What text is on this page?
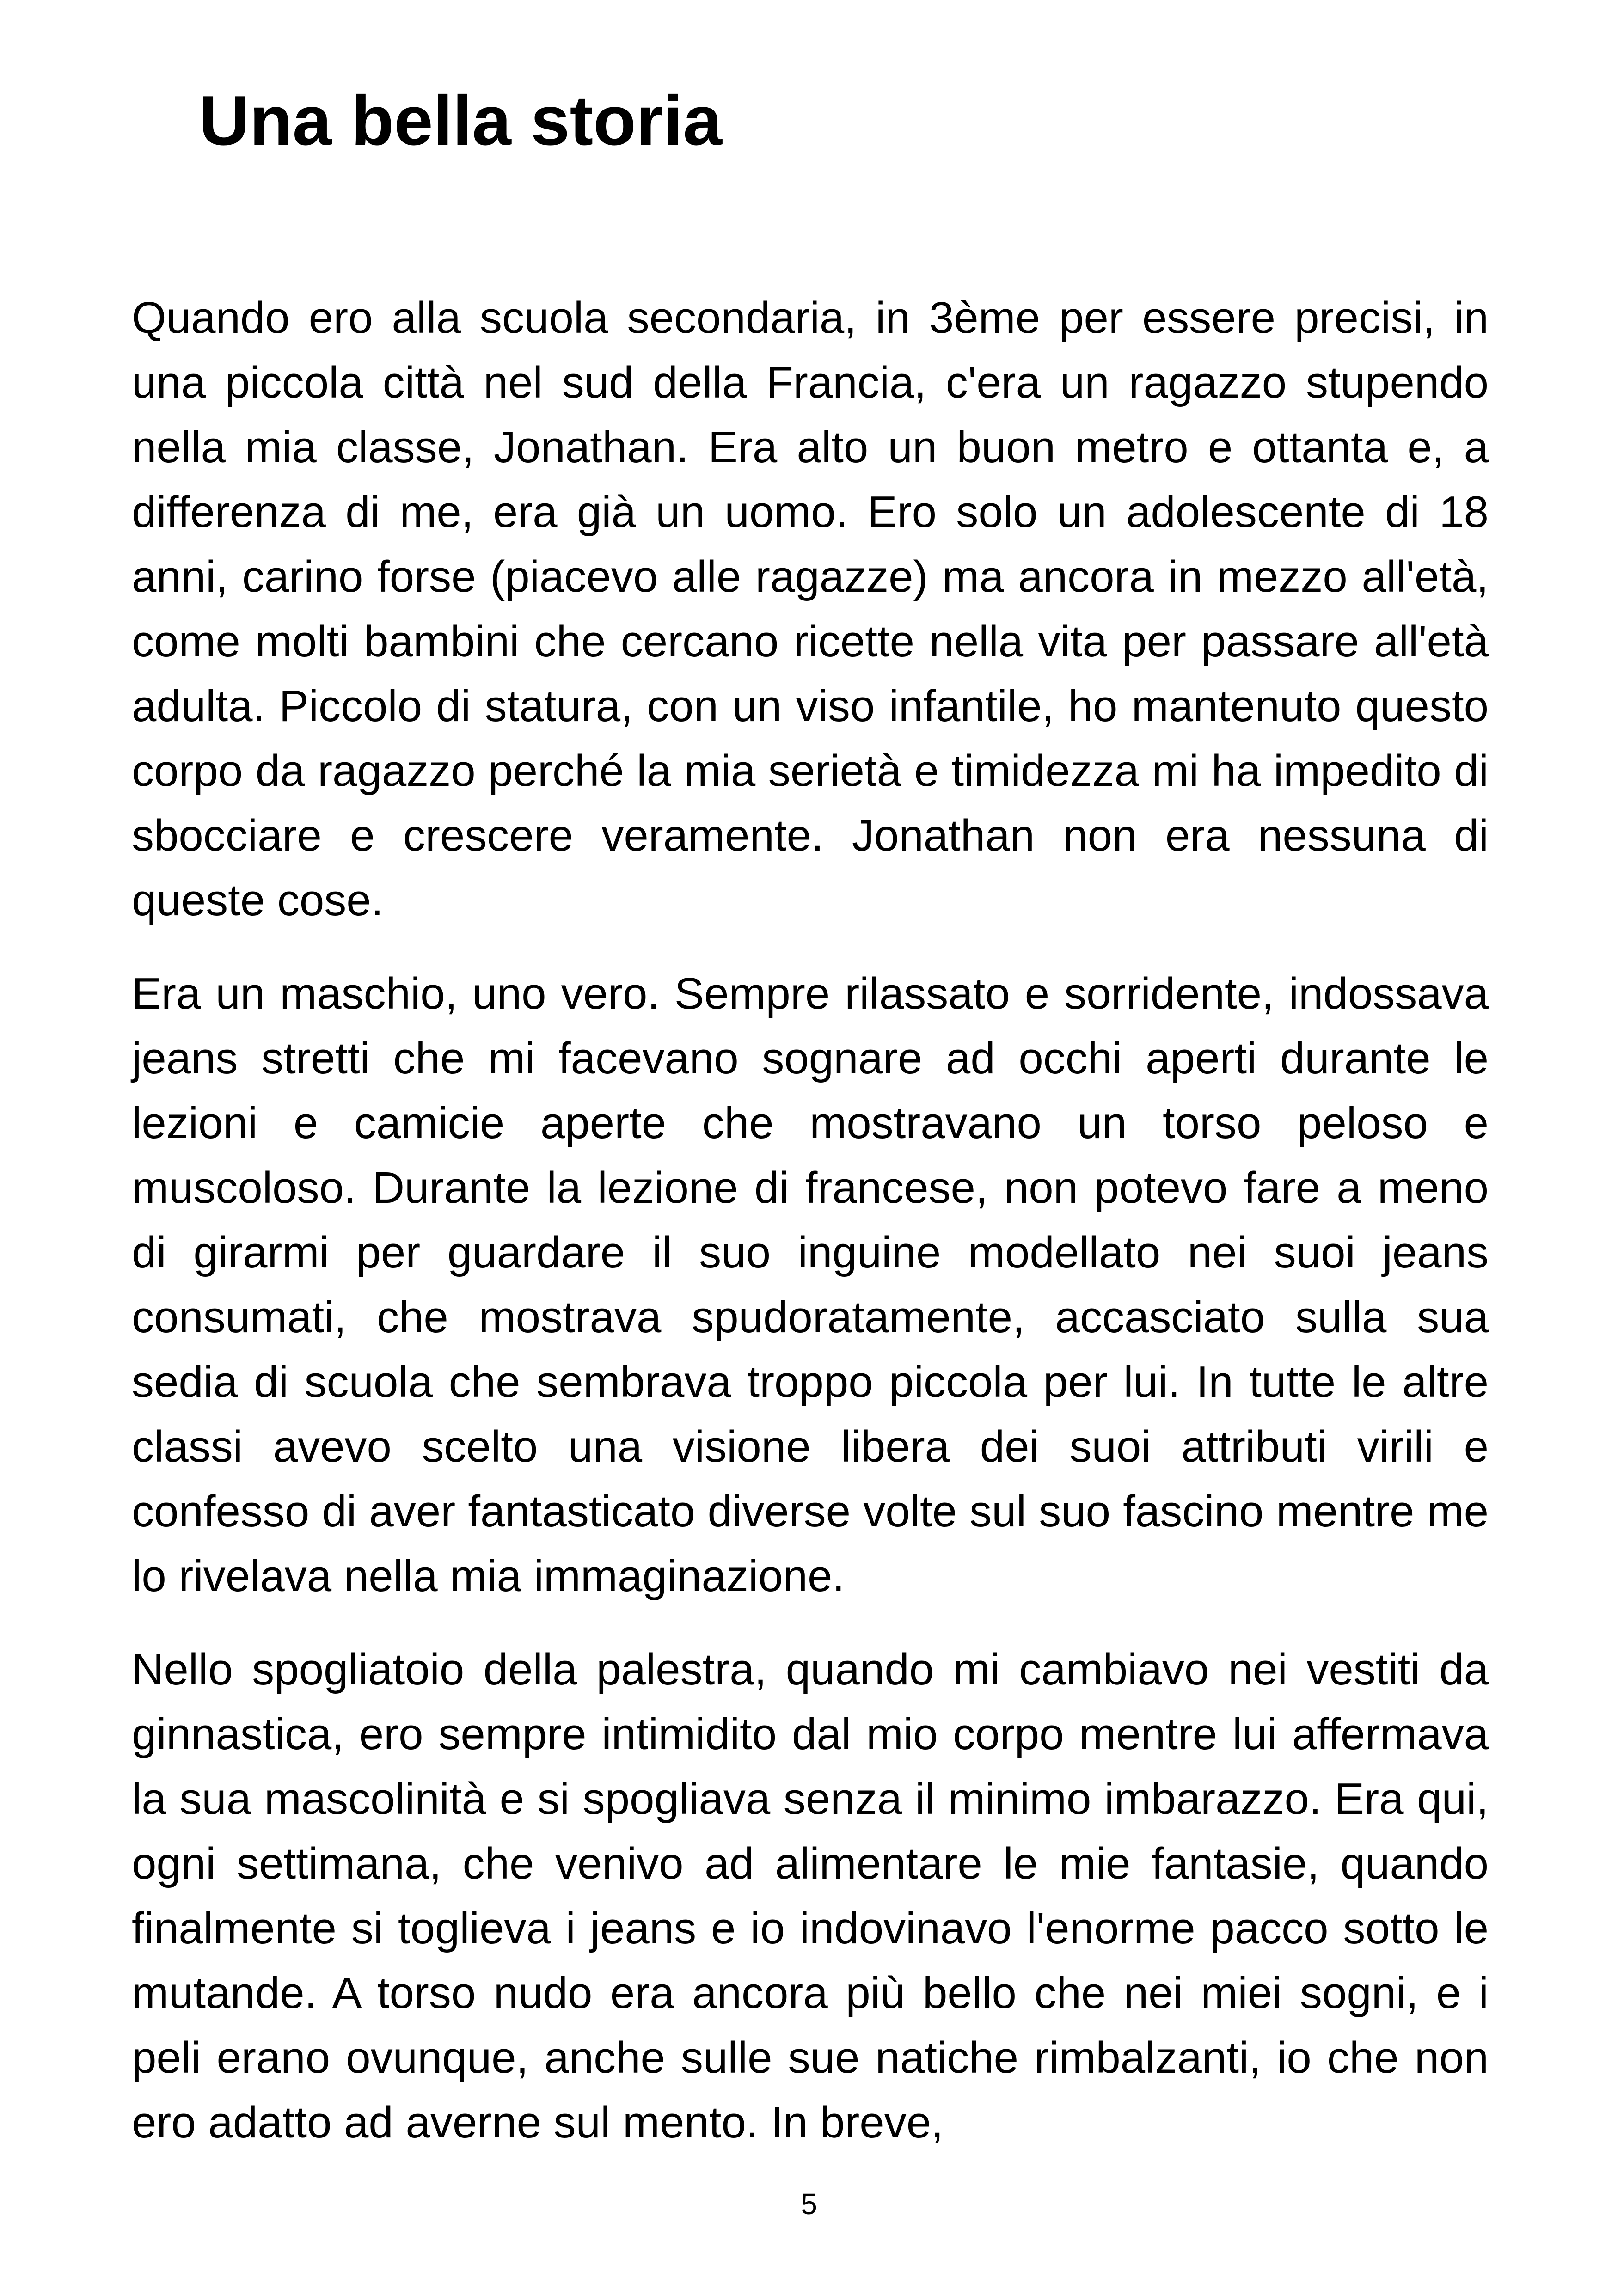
Una bella storia

Quando ero alla scuola secondaria, in 3ème per essere precisi, in una piccola città nel sud della Francia, c'era un ragazzo stupendo nella mia classe, Jonathan. Era alto un buon metro e ottanta e, a differenza di me, era già un uomo. Ero solo un adolescente di 18 anni, carino forse (piacevo alle ragazze) ma ancora in mezzo all'età, come molti bambini che cercano ricette nella vita per passare all'età adulta. Piccolo di statura, con un viso infantile, ho mantenuto questo corpo da ragazzo perché la mia serietà e timidezza mi ha impedito di sbocciare e crescere veramente. Jonathan non era nessuna di queste cose.

Era un maschio, uno vero. Sempre rilassato e sorridente, indossava jeans stretti che mi facevano sognare ad occhi aperti durante le lezioni e camicie aperte che mostravano un torso peloso e muscoloso. Durante la lezione di francese, non potevo fare a meno di girarmi per guardare il suo inguine modellato nei suoi jeans consumati, che mostrava spudoratamente, accasciato sulla sua sedia di scuola che sembrava troppo piccola per lui. In tutte le altre classi avevo scelto una visione libera dei suoi attributi virili e confesso di aver fantasticato diverse volte sul suo fascino mentre me lo rivelava nella mia immaginazione.

Nello spogliatoio della palestra, quando mi cambiavo nei vestiti da ginnastica, ero sempre intimidito dal mio corpo mentre lui affermava la sua mascolinità e si spogliava senza il minimo imbarazzo. Era qui, ogni settimana, che venivo ad alimentare le mie fantasie, quando finalmente si toglieva i jeans e io indovinavo l'enorme pacco sotto le mutande. A torso nudo era ancora più bello che nei miei sogni, e i peli erano ovunque, anche sulle sue natiche rimbalzanti, io che non ero adatto ad averne sul mento. In breve,

5
